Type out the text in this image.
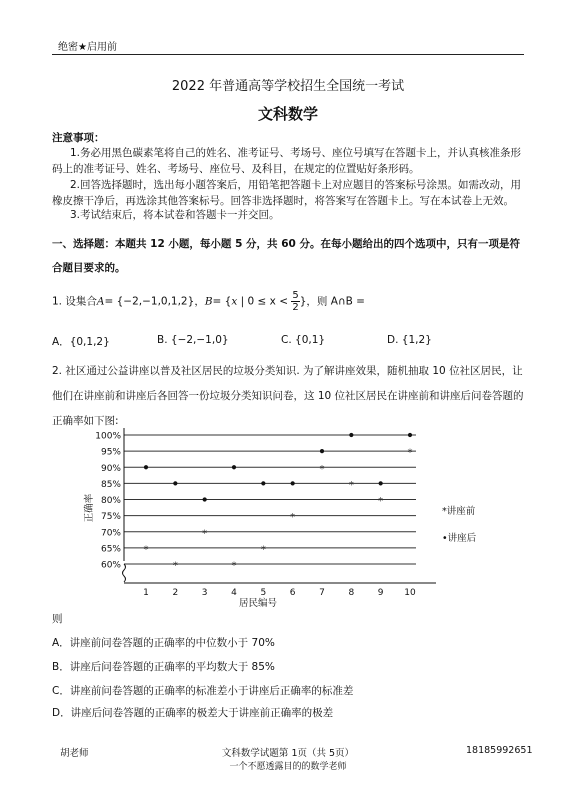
绝密★启用前
2022 年普通高等学校招生全国统一考试
文科数学
注意事项：
1.务必用黑色碳素笔将自己的姓名、准考证号、考场号、座位号填写在答题卡上，并认真核准条形码上的准考证号、姓名、考场号、座位号、及科目，在规定的位置贴好条形码。
2.回答选择题时，选出每小题答案后，用铅笔把答题卡上对应题目的答案标号涂黑。如需改动，用橡皮擦干净后，再选涂其他答案标号。回答非选择题时，将答案写在答题卡上。写在本试卷上无效。
3.考试结束后，将本试卷和答题卡一并交回。
一、选择题：本题共 12 小题，每小题 5 分，共 60 分。在每小题给出的四个选项中，只有一项是符合题目要求的。
1. 设集合A= {−2,−1,0,1,2}，B= {x | $0 \le x < \frac{5}{2}$ }，则 A∩B =
A．{0,1,2}	B. {−2,−1,0}	C. {0,1}	D. {1,2}
2. 社区通过公益讲座以普及社区居民的垃圾分类知识. 为了解讲座效果，随机抽取 10 位社区居民，让他们在讲座前和讲座后各回答一份垃圾分类知识问卷，这 10 位社区居民在讲座前和讲座后问卷答题的正确率如下图:
*
*
*
*
*
*
*
*
*
*
60%
65%
70%
75%
80%
85%
90%
95%
100%
1	2	3	4	5	6	7	8	9 10
居民编号
正确率	*讲座前
•讲座后
则
A．讲座前问卷答题的正确率的中位数小于 70%
B．讲座后问卷答题的正确率的平均数大于 85%
C．讲座前问卷答题的正确率的标准差小于讲座后正确率的标准差
D．讲座后问卷答题的正确率的极差大于讲座前正确率的极差
胡老师	文科数学试题第 1页（共 5页）
一个不愿透露目的的数学老师
18185992651
